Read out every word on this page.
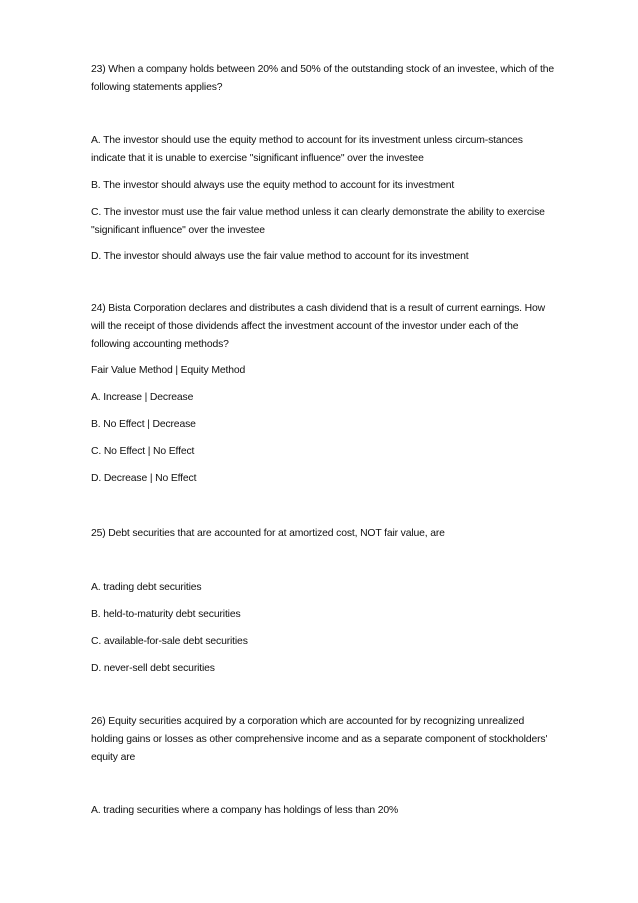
23) When a company holds between 20% and 50% of the outstanding stock of an investee, which of the
following statements applies?
A. The investor should use the equity method to account for its investment unless circum-stances
indicate that it is unable to exercise "significant influence" over the investee
B. The investor should always use the equity method to account for its investment
C. The investor must use the fair value method unless it can clearly demonstrate the ability to exercise
"significant influence" over the investee
D. The investor should always use the fair value method to account for its investment
24) Bista Corporation declares and distributes a cash dividend that is a result of current earnings. How
will the receipt of those dividends affect the investment account of the investor under each of the
following accounting methods?
Fair Value Method | Equity Method
A. Increase | Decrease
B. No Effect | Decrease
C. No Effect | No Effect
D. Decrease | No Effect
25) Debt securities that are accounted for at amortized cost, NOT fair value, are
A. trading debt securities
B. held-to-maturity debt securities
C. available-for-sale debt securities
D. never-sell debt securities
26) Equity securities acquired by a corporation which are accounted for by recognizing unrealized
holding gains or losses as other comprehensive income and as a separate component of stockholders'
equity are
A. trading securities where a company has holdings of less than 20%
